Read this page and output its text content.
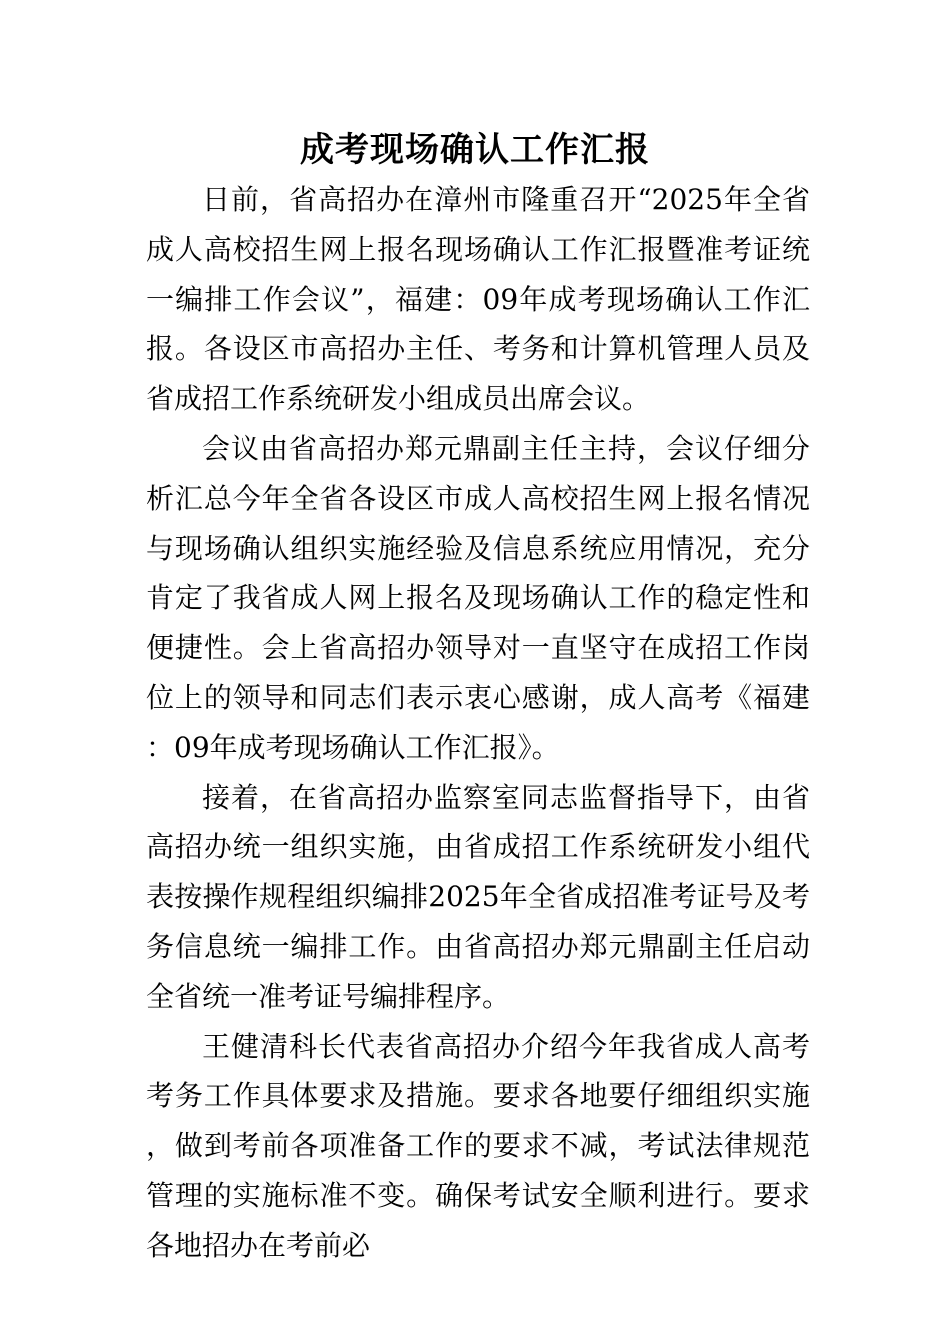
成考现场确认工作汇报

日前，省高招办在漳州市隆重召开“2025年全省成人高校招生网上报名现场确认工作汇报暨准考证统一编排工作会议”，福建：09年成考现场确认工作汇报。各设区市高招办主任、考务和计算机管理人员及省成招工作系统研发小组成员出席会议。

会议由省高招办郑元鼎副主任主持，会议仔细分析汇总今年全省各设区市成人高校招生网上报名情况与现场确认组织实施经验及信息系统应用情况，充分肯定了我省成人网上报名及现场确认工作的稳定性和便捷性。会上省高招办领导对一直坚守在成招工作岗位上的领导和同志们表示衷心感谢，成人高考《福建：09年成考现场确认工作汇报》。

接着，在省高招办监察室同志监督指导下，由省高招办统一组织实施，由省成招工作系统研发小组代表按操作规程组织编排2025年全省成招准考证号及考务信息统一编排工作。由省高招办郑元鼎副主任启动全省统一准考证号编排程序。

王健清科长代表省高招办介绍今年我省成人高考考务工作具体要求及措施。要求各地要仔细组织实施，做到考前各项准备工作的要求不减，考试法律规范管理的实施标准不变。确保考试安全顺利进行。要求各地招办在考前必
